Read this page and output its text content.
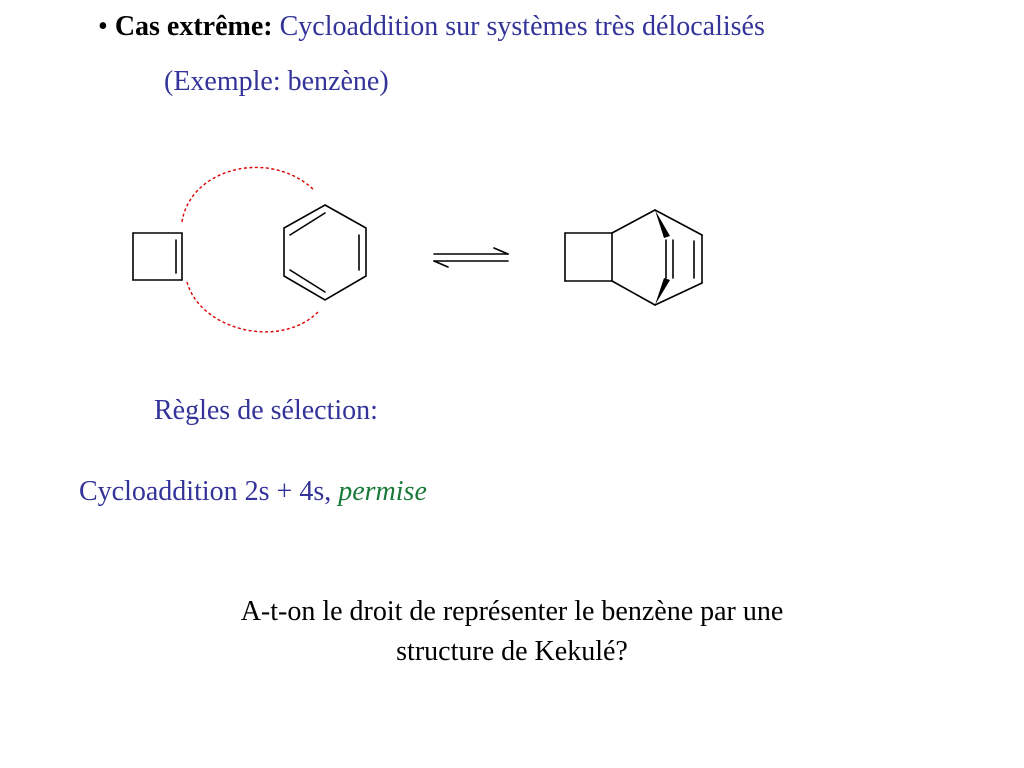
• Cas extrême: Cycloaddition sur systèmes très délocalisés
(Exemple: benzène)
Règles de sélection:
Cycloaddition 2s + 4s, permise
A-t-on le droit de représenter le benzène par une
structure de Kekulé?
